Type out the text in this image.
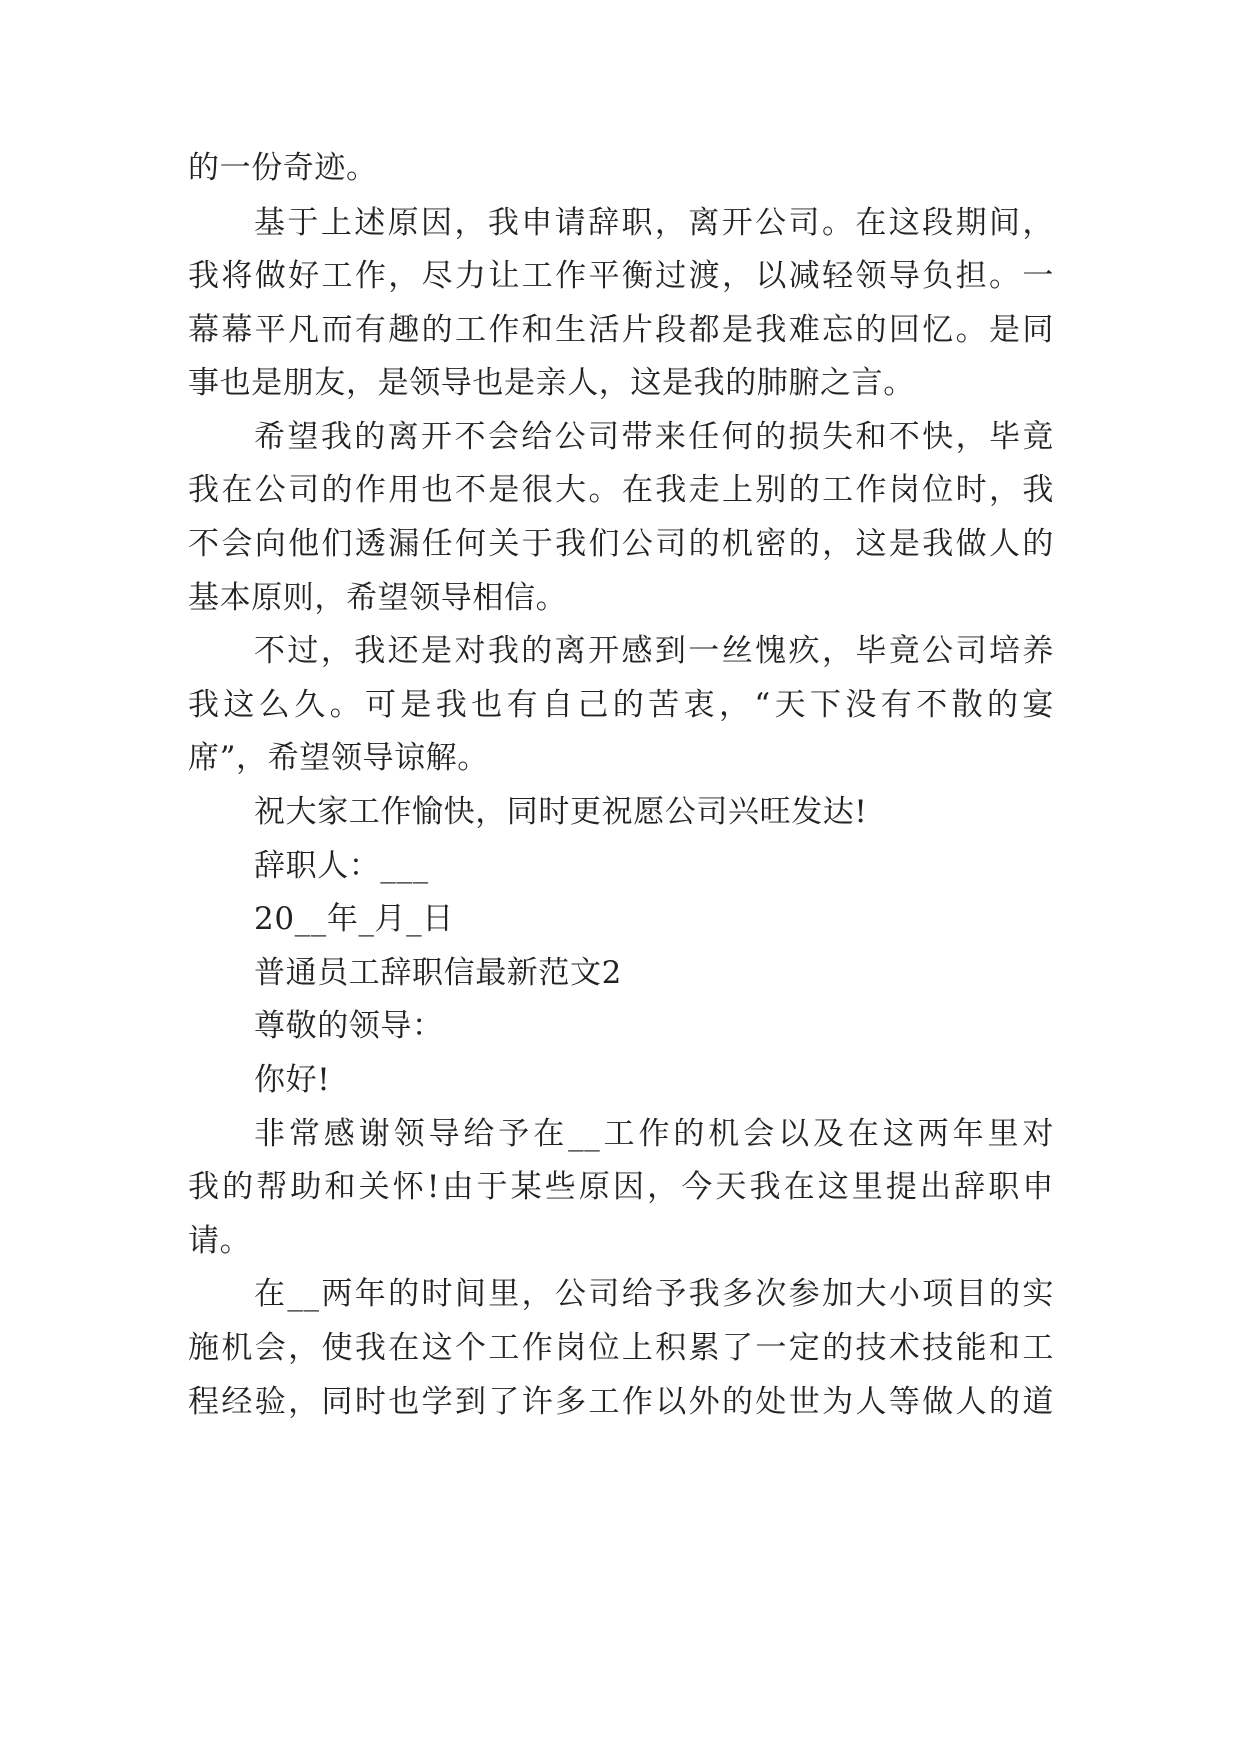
的一份奇迹。
基于上述原因，我申请辞职，离开公司。在这段期间，
我将做好工作，尽力让工作平衡过渡，以减轻领导负担。一
幕幕平凡而有趣的工作和生活片段都是我难忘的回忆。是同
事也是朋友，是领导也是亲人，这是我的肺腑之言。
希望我的离开不会给公司带来任何的损失和不快，毕竟
我在公司的作用也不是很大。在我走上别的工作岗位时，我
不会向他们透漏任何关于我们公司的机密的，这是我做人的
基本原则，希望领导相信。
不过，我还是对我的离开感到一丝愧疚，毕竟公司培养
我这么久。可是我也有自己的苦衷，“天下没有不散的宴
席”，希望领导谅解。
祝大家工作愉快，同时更祝愿公司兴旺发达!
辞职人：___
20__年_月_日
普通员工辞职信最新范文2
尊敬的领导：
你好!
非常感谢领导给予在__工作的机会以及在这两年里对
我的帮助和关怀!由于某些原因，今天我在这里提出辞职申
请。
在__两年的时间里，公司给予我多次参加大小项目的实
施机会，使我在这个工作岗位上积累了一定的技术技能和工
程经验，同时也学到了许多工作以外的处世为人等做人的道
